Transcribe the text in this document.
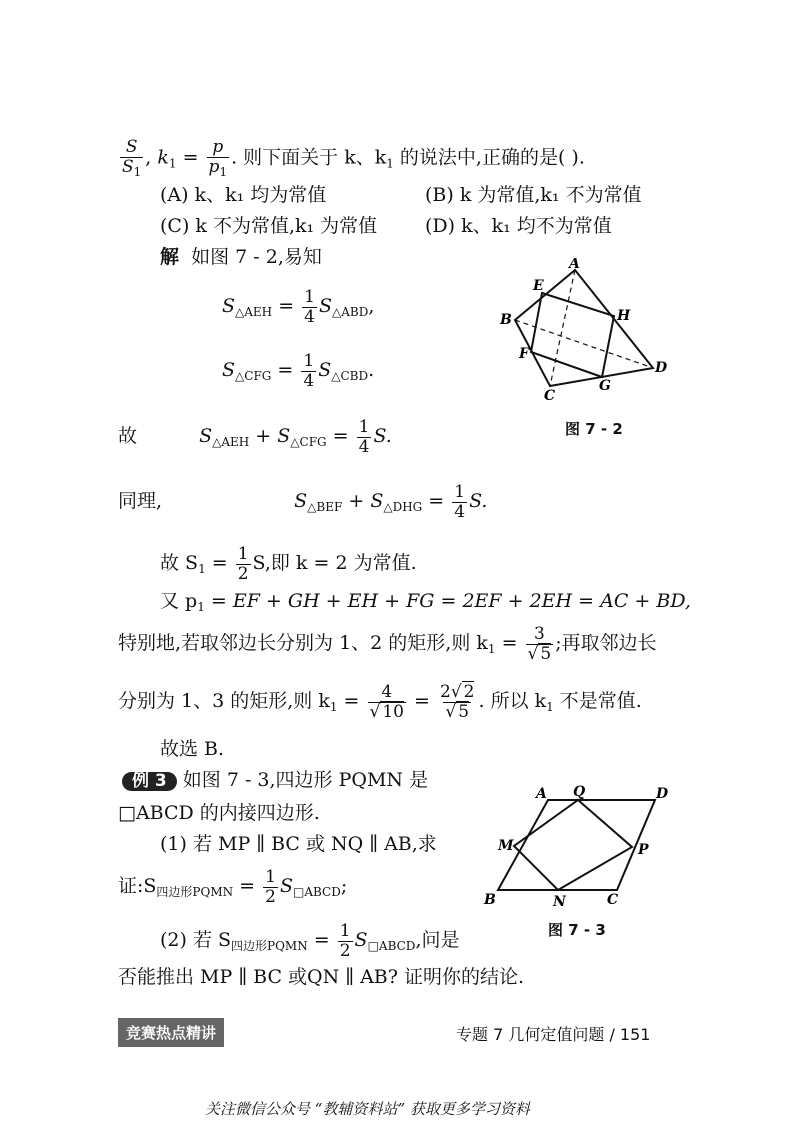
$\frac{S}{S_1}$ , $k_1 = \frac{p}{p_1}$ . 则下面关于 k、$k_1$ 的说法中,正确的是( ).
(A) k、k₁ 均为常值	(B) k 为常值,k₁ 不为常值
(C) k 不为常值,k₁ 为常值	(D) k、k₁ 均不为常值
解 如图 7 - 2,易知
$S_{\triangle AEH} = \frac{1}{4} S_{\triangle ABD}$,
$S_{\triangle CFG} = \frac{1}{4} S_{\triangle CBD}$.
故	$S_{\triangle AEH} + S_{\triangle CFG} = \frac{1}{4} S$.
同理,	$S_{\triangle BEF} + S_{\triangle DHG} = \frac{1}{4} S$.
故 $S_1 = \frac{1}{2} S$,即 k = 2 为常值.
又 $p_1$ = EF + GH + EH + FG = 2EF + 2EH = AC + BD,
特别地,若取邻边长分别为 1、2 的矩形,则 $k_1 = \frac{3}{√ 5}$ ;再取邻边长
分别为 1、3 的矩形,则 $k_1 = \frac{4}{√ 10} = \frac{2√ 2}{√ 5}$ . 所以 $k_1$ 不是常值.
故选 B.
例 3 如图 7 - 3,四边形 PQMN 是
□ABCD 的内接四边形.
(1) 若 MP ∥ BC 或 NQ ∥ AB,求
证$:S_{四边形PQMN} = \frac{1}{2} S_{□ABCD}$;
(2) 若 $S_{四边形PQMN} = \frac{1}{2} S_{□ABCD}$,问是
否能推出 MP ∥ BC 或QN ∥ AB? 证明你的结论.
A
E
H
B
F
D
C
G
图 7 - 2
A Q	D
M	P
B	N	C
图 7 - 3
竞赛热点精讲	专题 7 几何定值问题 / 151
关注微信公众号 “教辅资料站” 获取更多学习资料
